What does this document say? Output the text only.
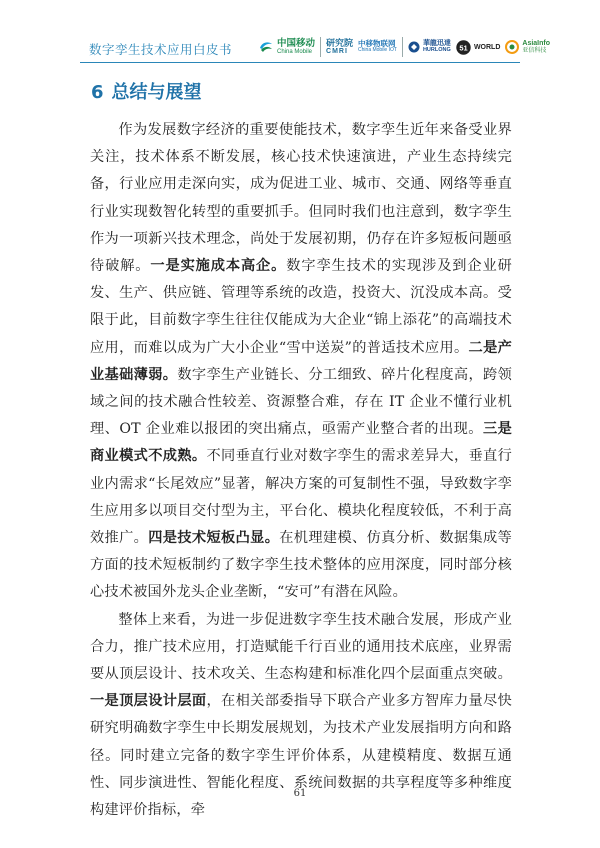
数字孪生技术应用白皮书	中国移动
China Mobile
研究院
CMRI
中移物联网
China Mobile IOT
華龍迅達
HURLONG 51 WORLD	AsiaInfo
亚信科技
6 总结与展望

作为发展数字经济的重要使能技术，数字孪生近年来备受业界关注，技术体系不断发展，核心技术快速演进，产业生态持续完备，行业应用走深向实，成为促进工业、城市、交通、网络等垂直行业实现数智化转型的重要抓手。但同时我们也注意到，数字孪生作为一项新兴技术理念，尚处于发展初期，仍存在许多短板问题亟待破解。一是实施成本高企。数字孪生技术的实现涉及到企业研发、生产、供应链、管理等系统的改造，投资大、沉没成本高。受限于此，目前数字孪生往往仅能成为大企业“锦上添花”的高端技术应用，而难以成为广大小企业“雪中送炭”的普适技术应用。二是产业基础薄弱。数字孪生产业链长、分工细致、碎片化程度高，跨领域之间的技术融合性较差、资源整合难，存在 IT 企业不懂行业机理、OT 企业难以报团的突出痛点，亟需产业整合者的出现。三是商业模式不成熟。不同垂直行业对数字孪生的需求差异大，垂直行业内需求“长尾效应”显著，解决方案的可复制性不强，导致数字孪生应用多以项目交付型为主，平台化、模块化程度较低，不利于高效推广。四是技术短板凸显。在机理建模、仿真分析、数据集成等方面的技术短板制约了数字孪生技术整体的应用深度，同时部分核心技术被国外龙头企业垄断，“安可”有潜在风险。

整体上来看，为进一步促进数字孪生技术融合发展，形成产业合力，推广技术应用，打造赋能千行百业的通用技术底座，业界需要从顶层设计、技术攻关、生态构建和标准化四个层面重点突破。一是顶层设计层面，在相关部委指导下联合产业多方智库力量尽快研究明确数字孪生中长期发展规划，为技术产业发展指明方向和路径。同时建立完备的数字孪生评价体系，从建模精度、数据互通性、同步演进性、智能化程度、系统间数据的共享程度等多种维度构建评价指标，牵

61
